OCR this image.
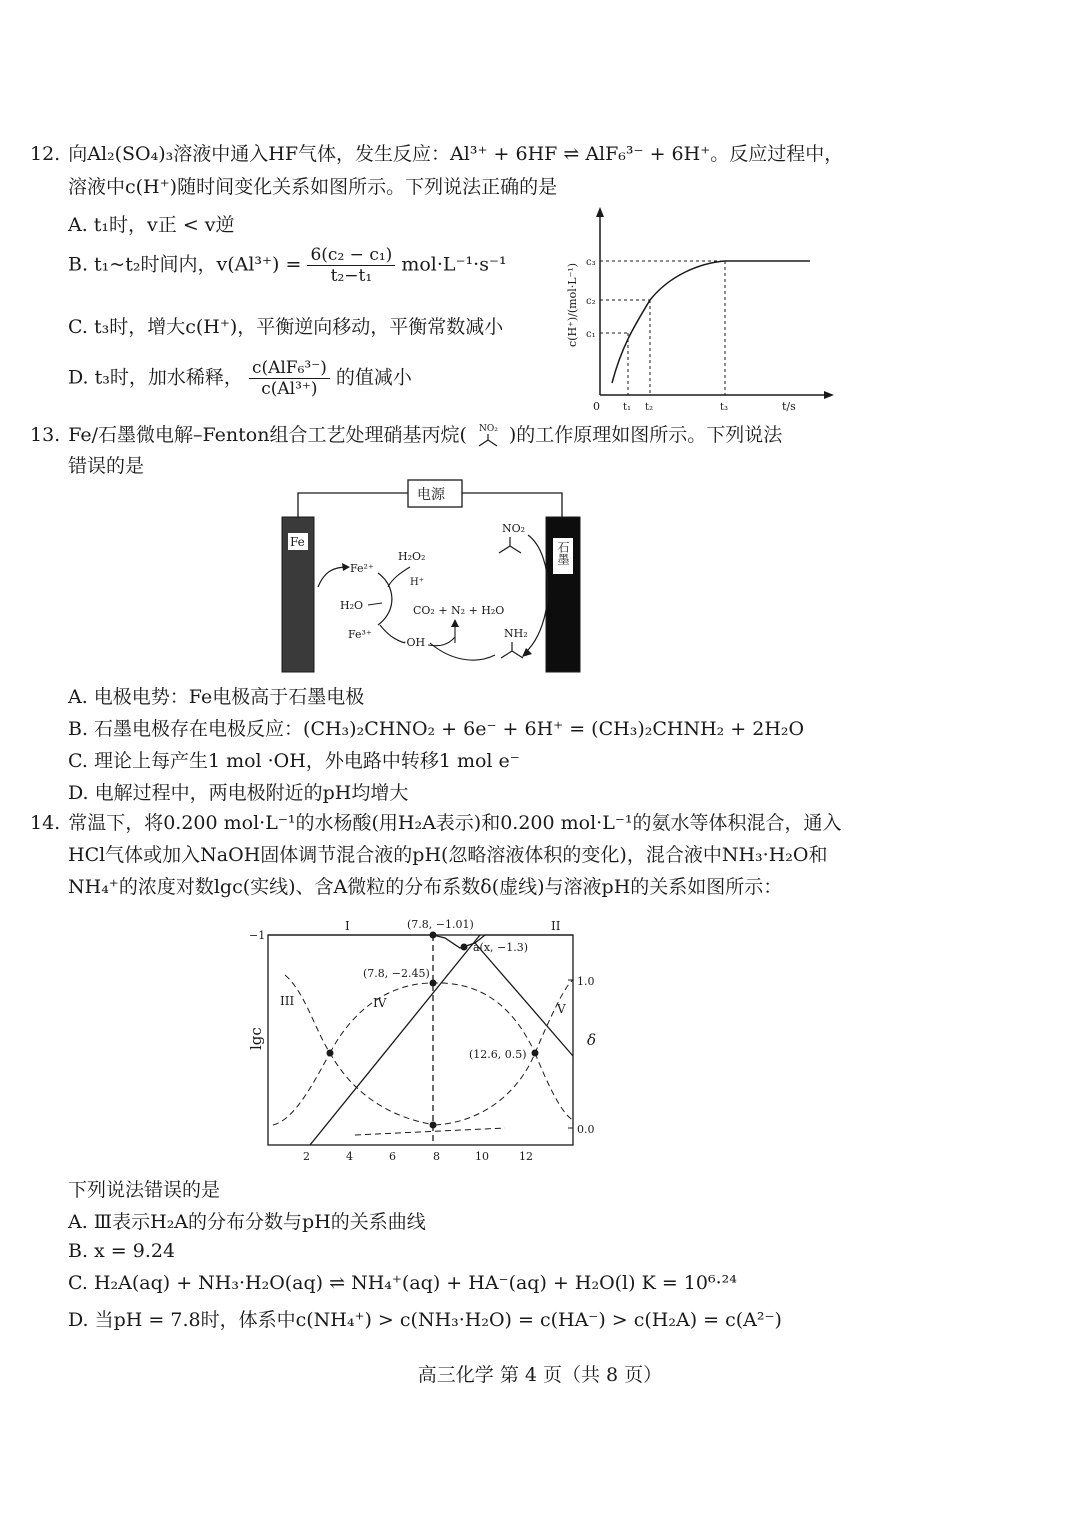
12. 向Al₂(SO₄)₃溶液中通入HF气体，发生反应：Al³⁺ + 6HF ⇌ AlF₆³⁻ + 6H⁺。反应过程中，
溶液中c(H⁺)随时间变化关系如图所示。下列说法正确的是
A. t₁时，v正 < v逆
B. t₁~t₂时间内，$v(Al^{3+}) = \frac{\text{6(c₂ − c₁)}}{\text{t₂−t₁}} mol\cdot L^{-1}\cdot s^{-1}$
C. t₃时，增大c(H⁺)，平衡逆向移动，平衡常数减小
D. t₃时，加水稀释， $\frac{\text{c(AlF₆³⁻)}}{\text{c(Al³⁺)}}$ 的值减小
c₁
c₂
c₃
0 t₁ t₂	t₃	t/s
c(H⁺)/(mol·L⁻¹)
13. Fe/石墨微电解–Fenton组合工艺处理硝基丙烷( NO₂ )的工作原理如图所示。下列说法
错误的是
电源
Fe	石墨
Fe²⁺
H₂O₂
H⁺
H₂O
Fe³⁺
·OH
CO₂ + N₂ + H₂O
NO₂
NH₂
A. 电极电势：Fe电极高于石墨电极
B. 石墨电极存在电极反应：(CH₃)₂CHNO₂ + 6e⁻ + 6H⁺ = (CH₃)₂CHNH₂ + 2H₂O
C. 理论上每产生1 mol ·OH，外电路中转移1 mol e⁻
D. 电解过程中，两电极附近的pH均增大
14. 常温下，将0.200 mol·L⁻¹的水杨酸(用H₂A表示)和0.200 mol·L⁻¹的氨水等体积混合，通入
HCl气体或加入NaOH固体调节混合液的pH(忽略溶液体积的变化)，混合液中NH₃·H₂O和
NH₄⁺的浓度对数lgc(实线)、含A微粒的分布系数δ(虚线)与溶液pH的关系如图所示：
I	II
III	IV	V
(7.8, −1.01)
(7.8, −2.45)
a(x, −1.3)
(12.6, 0.5)
−1
1.0
0.0
lgc	δ
2	4	6	8	10	12
下列说法错误的是
A. Ⅲ表示H₂A的分布分数与pH的关系曲线
B. x = 9.24
C. H₂A(aq) + NH₃·H₂O(aq) ⇌ NH₄⁺(aq) + HA⁻(aq) + H₂O(l) K = 10⁶·²⁴
D. 当pH = 7.8时，体系中c(NH₄⁺) > c(NH₃·H₂O) = c(HA⁻) > c(H₂A) = c(A²⁻)
高三化学 第 4 页（共 8 页）
